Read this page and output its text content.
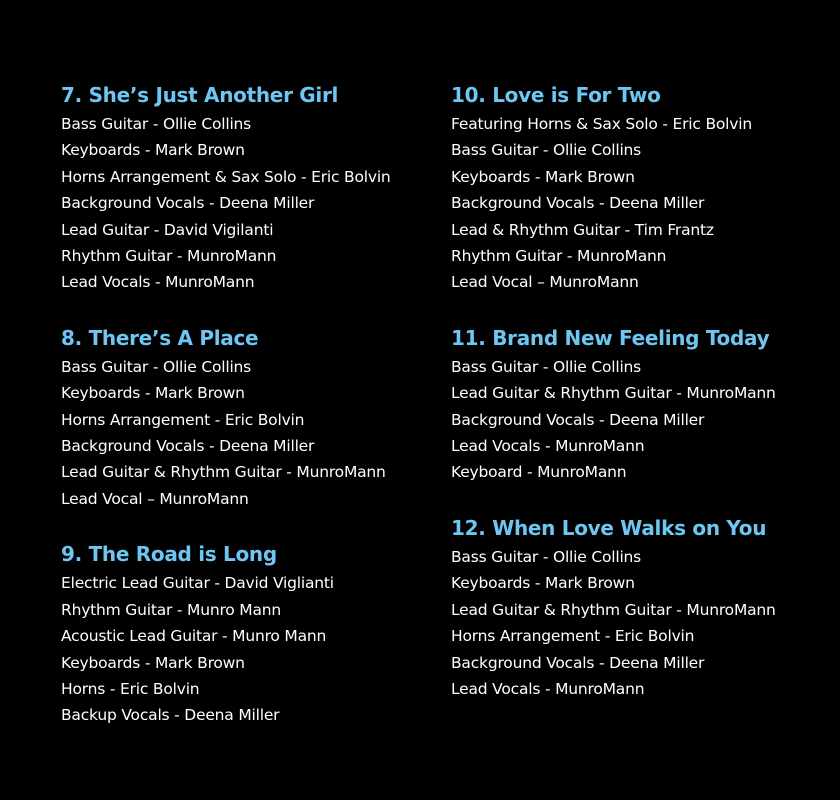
7. She’s Just Another Girl
Bass Guitar - Ollie Collins
Keyboards - Mark Brown
Horns Arrangement & Sax Solo - Eric Bolvin
Background Vocals - Deena Miller
Lead Guitar - David Vigilanti
Rhythm Guitar - MunroMann
Lead Vocals - MunroMann
8. There’s A Place
Bass Guitar - Ollie Collins
Keyboards - Mark Brown
Horns Arrangement - Eric Bolvin
Background Vocals - Deena Miller
Lead Guitar & Rhythm Guitar - MunroMann
Lead Vocal – MunroMann
9. The Road is Long
Electric Lead Guitar - David Viglianti
Rhythm Guitar - Munro Mann
Acoustic Lead Guitar - Munro Mann
Keyboards - Mark Brown
Horns - Eric Bolvin
Backup Vocals - Deena Miller
10. Love is For Two
Featuring Horns & Sax Solo - Eric Bolvin
Bass Guitar - Ollie Collins
Keyboards - Mark Brown
Background Vocals - Deena Miller
Lead & Rhythm Guitar - Tim Frantz
Rhythm Guitar - MunroMann
Lead Vocal – MunroMann
11. Brand New Feeling Today
Bass Guitar - Ollie Collins
Lead Guitar & Rhythm Guitar - MunroMann
Background Vocals - Deena Miller
Lead Vocals - MunroMann
Keyboard - MunroMann
12. When Love Walks on You
Bass Guitar - Ollie Collins
Keyboards - Mark Brown
Lead Guitar & Rhythm Guitar - MunroMann
Horns Arrangement - Eric Bolvin
Background Vocals - Deena Miller
Lead Vocals - MunroMann
